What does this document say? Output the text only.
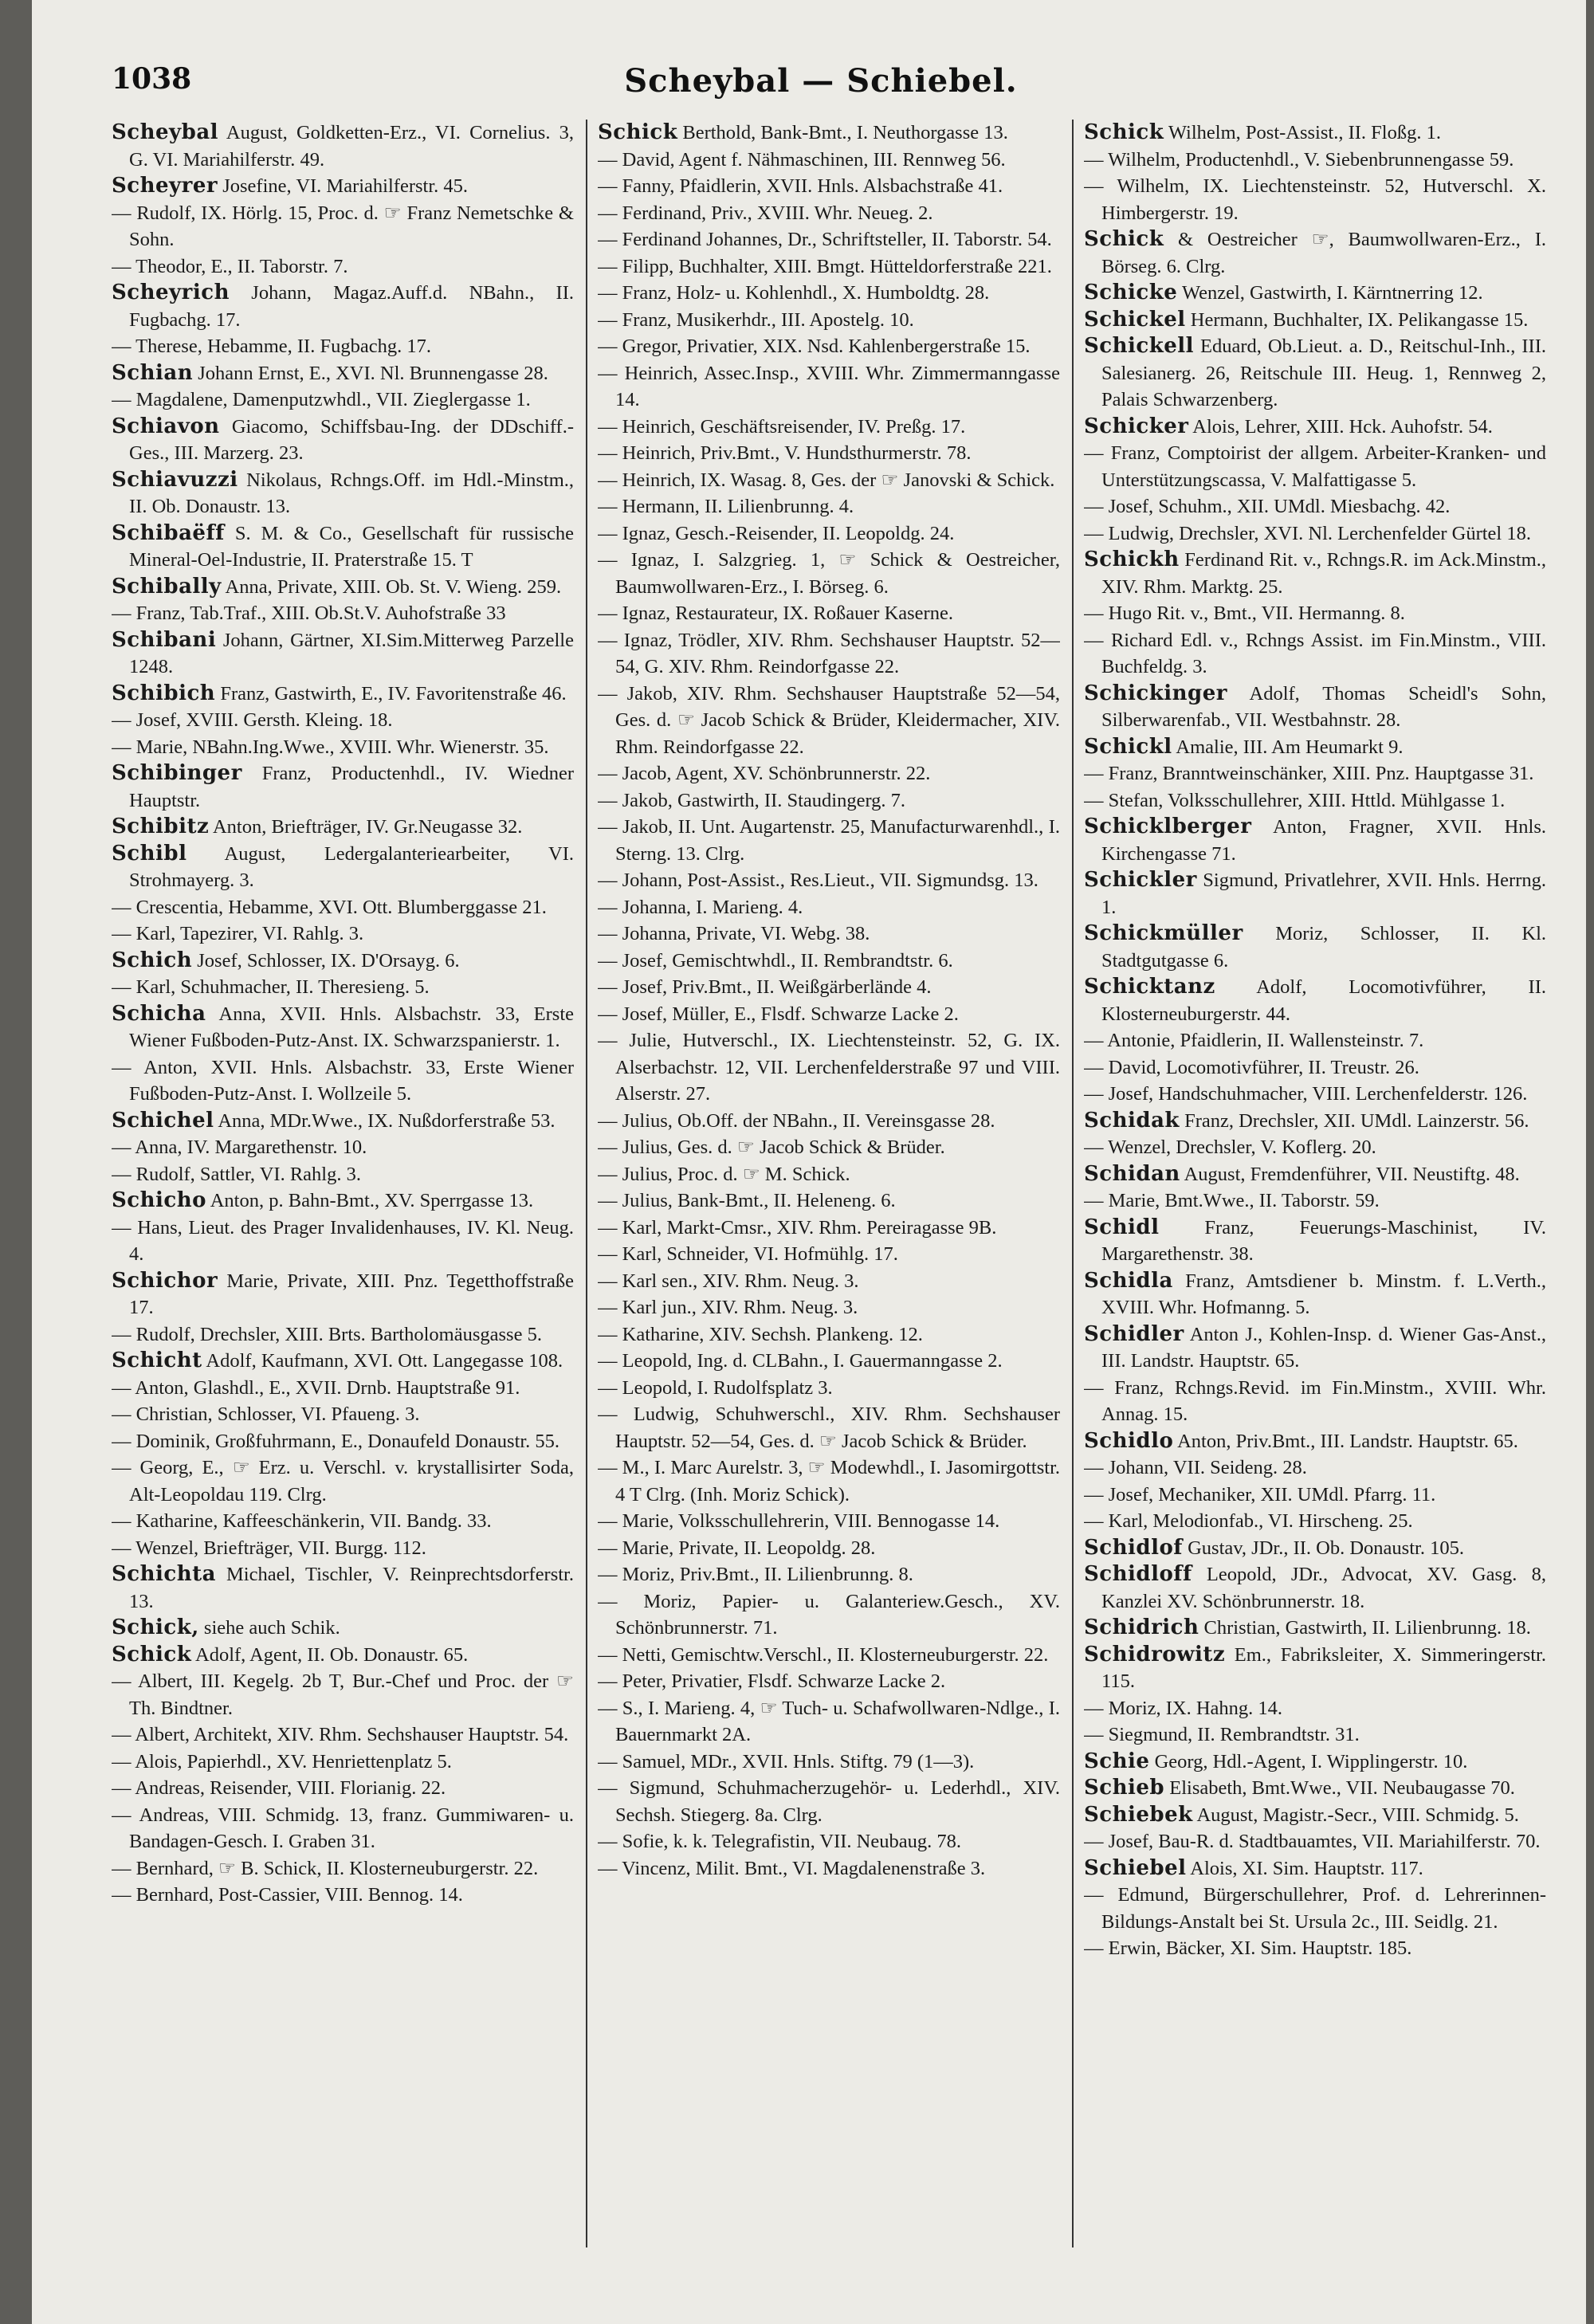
1038	Scheybal — Schiebel.

Scheybal August, Goldketten-Erz., VI. Cornelius. 3, G. VI. Mariahilferstr. 49.

Scheyrer Josefine, VI. Mariahilferstr. 45.

— Rudolf, IX. Hörlg. 15, Proc. d. ☞ Franz Nemetschke & Sohn.

— Theodor, E., II. Taborstr. 7.

Scheyrich Johann, Magaz.Auff.d. NBahn., II. Fugbachg. 17.

— Therese, Hebamme, II. Fugbachg. 17.

Schian Johann Ernst, E., XVI. Nl. Brunnengasse 28.

— Magdalene, Damenputzwhdl., VII. Zieglergasse 1.

Schiavon Giacomo, Schiffsbau-Ing. der DDschiff.-Ges., III. Marzerg. 23.

Schiavuzzi Nikolaus, Rchngs.Off. im Hdl.-Minstm., II. Ob. Donaustr. 13.

Schibaëff S. M. & Co., Gesellschaft für russische Mineral-Oel-Industrie, II. Praterstraße 15. T

Schibally Anna, Private, XIII. Ob. St. V. Wieng. 259.

— Franz, Tab.Traf., XIII. Ob.St.V. Auhofstraße 33

Schibani Johann, Gärtner, XI.Sim.Mitterweg Parzelle 1248.

Schibich Franz, Gastwirth, E., IV. Favoritenstraße 46.

— Josef, XVIII. Gersth. Kleing. 18.

— Marie, NBahn.Ing.Wwe., XVIII. Whr. Wienerstr. 35.

Schibinger Franz, Productenhdl., IV. Wiedner Hauptstr.

Schibitz Anton, Briefträger, IV. Gr.Neugasse 32.

Schibl August, Ledergalanteriearbeiter, VI. Strohmayerg. 3.

— Crescentia, Hebamme, XVI. Ott. Blumberggasse 21.

— Karl, Tapezirer, VI. Rahlg. 3.

Schich Josef, Schlosser, IX. D'Orsayg. 6.

— Karl, Schuhmacher, II. Theresieng. 5.

Schicha Anna, XVII. Hnls. Alsbachstr. 33, Erste Wiener Fußboden-Putz-Anst. IX. Schwarzspanierstr. 1.

— Anton, XVII. Hnls. Alsbachstr. 33, Erste Wiener Fußboden-Putz-Anst. I. Wollzeile 5.

Schichel Anna, MDr.Wwe., IX. Nußdorferstraße 53.

— Anna, IV. Margarethenstr. 10.

— Rudolf, Sattler, VI. Rahlg. 3.

Schicho Anton, p. Bahn-Bmt., XV. Sperrgasse 13.

— Hans, Lieut. des Prager Invalidenhauses, IV. Kl. Neug. 4.

Schichor Marie, Private, XIII. Pnz. Tegetthoffstraße 17.

— Rudolf, Drechsler, XIII. Brts. Bartholomäusgasse 5.

Schicht Adolf, Kaufmann, XVI. Ott. Langegasse 108.

— Anton, Glashdl., E., XVII. Drnb. Hauptstraße 91.

— Christian, Schlosser, VI. Pfaueng. 3.

— Dominik, Großfuhrmann, E., Donaufeld Donaustr. 55.

— Georg, E., ☞ Erz. u. Verschl. v. krystallisirter Soda, Alt-Leopoldau 119. Clrg.

— Katharine, Kaffeeschänkerin, VII. Bandg. 33.

— Wenzel, Briefträger, VII. Burgg. 112.

Schichta Michael, Tischler, V. Reinprechtsdorferstr. 13.

Schick, siehe auch Schik.

Schick Adolf, Agent, II. Ob. Donaustr. 65.

— Albert, III. Kegelg. 2b T, Bur.-Chef und Proc. der ☞ Th. Bindtner.

— Albert, Architekt, XIV. Rhm. Sechshauser Hauptstr. 54.

— Alois, Papierhdl., XV. Henriettenplatz 5.

— Andreas, Reisender, VIII. Florianig. 22.

— Andreas, VIII. Schmidg. 13, franz. Gummiwaren- u. Bandagen-Gesch. I. Graben 31.

— Bernhard, ☞ B. Schick, II. Klosterneuburgerstr. 22.

— Bernhard, Post-Cassier, VIII. Bennog. 14.

Schick Berthold, Bank-Bmt., I. Neuthorgasse 13.

— David, Agent f. Nähmaschinen, III. Rennweg 56.

— Fanny, Pfaidlerin, XVII. Hnls. Alsbachstraße 41.

— Ferdinand, Priv., XVIII. Whr. Neueg. 2.

— Ferdinand Johannes, Dr., Schriftsteller, II. Taborstr. 54.

— Filipp, Buchhalter, XIII. Bmgt. Hütteldorferstraße 221.

— Franz, Holz- u. Kohlenhdl., X. Humboldtg. 28.

— Franz, Musikerhdr., III. Apostelg. 10.

— Gregor, Privatier, XIX. Nsd. Kahlenbergerstraße 15.

— Heinrich, Assec.Insp., XVIII. Whr. Zimmermanngasse 14.

— Heinrich, Geschäftsreisender, IV. Preßg. 17.

— Heinrich, Priv.Bmt., V. Hundsthurmerstr. 78.

— Heinrich, IX. Wasag. 8, Ges. der ☞ Janovski & Schick.

— Hermann, II. Lilienbrunng. 4.

— Ignaz, Gesch.-Reisender, II. Leopoldg. 24.

— Ignaz, I. Salzgrieg. 1, ☞ Schick & Oestreicher, Baumwollwaren-Erz., I. Börseg. 6.

— Ignaz, Restaurateur, IX. Roßauer Kaserne.

— Ignaz, Trödler, XIV. Rhm. Sechshauser Hauptstr. 52—54, G. XIV. Rhm. Reindorfgasse 22.

— Jakob, XIV. Rhm. Sechshauser Hauptstraße 52—54, Ges. d. ☞ Jacob Schick & Brüder, Kleidermacher, XIV. Rhm. Reindorfgasse 22.

— Jacob, Agent, XV. Schönbrunnerstr. 22.

— Jakob, Gastwirth, II. Staudingerg. 7.

— Jakob, II. Unt. Augartenstr. 25, Manufacturwarenhdl., I. Sterng. 13. Clrg.

— Johann, Post-Assist., Res.Lieut., VII. Sigmundsg. 13.

— Johanna, I. Marieng. 4.

— Johanna, Private, VI. Webg. 38.

— Josef, Gemischtwhdl., II. Rembrandtstr. 6.

— Josef, Priv.Bmt., II. Weißgärberlände 4.

— Josef, Müller, E., Flsdf. Schwarze Lacke 2.

— Julie, Hutverschl., IX. Liechtensteinstr. 52, G. IX. Alserbachstr. 12, VII. Lerchenfelderstraße 97 und VIII. Alserstr. 27.

— Julius, Ob.Off. der NBahn., II. Vereinsgasse 28.

— Julius, Ges. d. ☞ Jacob Schick & Brüder.

— Julius, Proc. d. ☞ M. Schick.

— Julius, Bank-Bmt., II. Heleneng. 6.

— Karl, Markt-Cmsr., XIV. Rhm. Pereiragasse 9B.

— Karl, Schneider, VI. Hofmühlg. 17.

— Karl sen., XIV. Rhm. Neug. 3.

— Karl jun., XIV. Rhm. Neug. 3.

— Katharine, XIV. Sechsh. Plankeng. 12.

— Leopold, Ing. d. CLBahn., I. Gauermanngasse 2.

— Leopold, I. Rudolfsplatz 3.

— Ludwig, Schuhwerschl., XIV. Rhm. Sechshauser Hauptstr. 52—54, Ges. d. ☞ Jacob Schick & Brüder.

— M., I. Marc Aurelstr. 3, ☞ Modewhdl., I. Jasomirgottstr. 4 T Clrg. (Inh. Moriz Schick).

— Marie, Volksschullehrerin, VIII. Bennogasse 14.

— Marie, Private, II. Leopoldg. 28.

— Moriz, Priv.Bmt., II. Lilienbrunng. 8.

— Moriz, Papier- u. Galanteriew.Gesch., XV. Schönbrunnerstr. 71.

— Netti, Gemischtw.Verschl., II. Klosterneuburgerstr. 22.

— Peter, Privatier, Flsdf. Schwarze Lacke 2.

— S., I. Marieng. 4, ☞ Tuch- u. Schafwollwaren-Ndlge., I. Bauernmarkt 2A.

— Samuel, MDr., XVII. Hnls. Stiftg. 79 (1—3).

— Sigmund, Schuhmacherzugehör- u. Lederhdl., XIV. Sechsh. Stiegerg. 8a. Clrg.

— Sofie, k. k. Telegrafistin, VII. Neubaug. 78.

— Vincenz, Milit. Bmt., VI. Magdalenenstraße 3.

Schick Wilhelm, Post-Assist., II. Floßg. 1.

— Wilhelm, Productenhdl., V. Siebenbrunnengasse 59.

— Wilhelm, IX. Liechtensteinstr. 52, Hutverschl. X. Himbergerstr. 19.

Schick & Oestreicher ☞, Baumwollwaren-Erz., I. Börseg. 6. Clrg.

Schicke Wenzel, Gastwirth, I. Kärntnerring 12.

Schickel Hermann, Buchhalter, IX. Pelikangasse 15.

Schickell Eduard, Ob.Lieut. a. D., Reitschul-Inh., III. Salesianerg. 26, Reitschule III. Heug. 1, Rennweg 2, Palais Schwarzenberg.

Schicker Alois, Lehrer, XIII. Hck. Auhofstr. 54.

— Franz, Comptoirist der allgem. Arbeiter-Kranken- und Unterstützungscassa, V. Malfattigasse 5.

— Josef, Schuhm., XII. UMdl. Miesbachg. 42.

— Ludwig, Drechsler, XVI. Nl. Lerchenfelder Gürtel 18.

Schickh Ferdinand Rit. v., Rchngs.R. im Ack.Minstm., XIV. Rhm. Marktg. 25.

— Hugo Rit. v., Bmt., VII. Hermanng. 8.

— Richard Edl. v., Rchngs Assist. im Fin.Minstm., VIII. Buchfeldg. 3.

Schickinger Adolf, Thomas Scheidl's Sohn, Silberwarenfab., VII. Westbahnstr. 28.

Schickl Amalie, III. Am Heumarkt 9.

— Franz, Branntweinschänker, XIII. Pnz. Hauptgasse 31.

— Stefan, Volksschullehrer, XIII. Httld. Mühlgasse 1.

Schicklberger Anton, Fragner, XVII. Hnls. Kirchengasse 71.

Schickler Sigmund, Privatlehrer, XVII. Hnls. Herrng. 1.

Schickmüller Moriz, Schlosser, II. Kl. Stadtgutgasse 6.

Schicktanz Adolf, Locomotivführer, II. Klosterneuburgerstr. 44.

— Antonie, Pfaidlerin, II. Wallensteinstr. 7.

— David, Locomotivführer, II. Treustr. 26.

— Josef, Handschuhmacher, VIII. Lerchenfelderstr. 126.

Schidak Franz, Drechsler, XII. UMdl. Lainzerstr. 56.

— Wenzel, Drechsler, V. Koflerg. 20.

Schidan August, Fremdenführer, VII. Neustiftg. 48.

— Marie, Bmt.Wwe., II. Taborstr. 59.

Schidl Franz, Feuerungs-Maschinist, IV. Margarethenstr. 38.

Schidla Franz, Amtsdiener b. Minstm. f. L.Verth., XVIII. Whr. Hofmanng. 5.

Schidler Anton J., Kohlen-Insp. d. Wiener Gas-Anst., III. Landstr. Hauptstr. 65.

— Franz, Rchngs.Revid. im Fin.Minstm., XVIII. Whr. Annag. 15.

Schidlo Anton, Priv.Bmt., III. Landstr. Hauptstr. 65.

— Johann, VII. Seideng. 28.

— Josef, Mechaniker, XII. UMdl. Pfarrg. 11.

— Karl, Melodionfab., VI. Hirscheng. 25.

Schidlof Gustav, JDr., II. Ob. Donaustr. 105.

Schidloff Leopold, JDr., Advocat, XV. Gasg. 8, Kanzlei XV. Schönbrunnerstr. 18.

Schidrich Christian, Gastwirth, II. Lilienbrunng. 18.

Schidrowitz Em., Fabriksleiter, X. Simmeringerstr. 115.

— Moriz, IX. Hahng. 14.

— Siegmund, II. Rembrandtstr. 31.

Schie Georg, Hdl.-Agent, I. Wipplingerstr. 10.

Schieb Elisabeth, Bmt.Wwe., VII. Neubaugasse 70.

Schiebek August, Magistr.-Secr., VIII. Schmidg. 5.

— Josef, Bau-R. d. Stadtbauamtes, VII. Mariahilferstr. 70.

Schiebel Alois, XI. Sim. Hauptstr. 117.

— Edmund, Bürgerschullehrer, Prof. d. Lehrerinnen-Bildungs-Anstalt bei St. Ursula 2c., III. Seidlg. 21.

— Erwin, Bäcker, XI. Sim. Hauptstr. 185.
